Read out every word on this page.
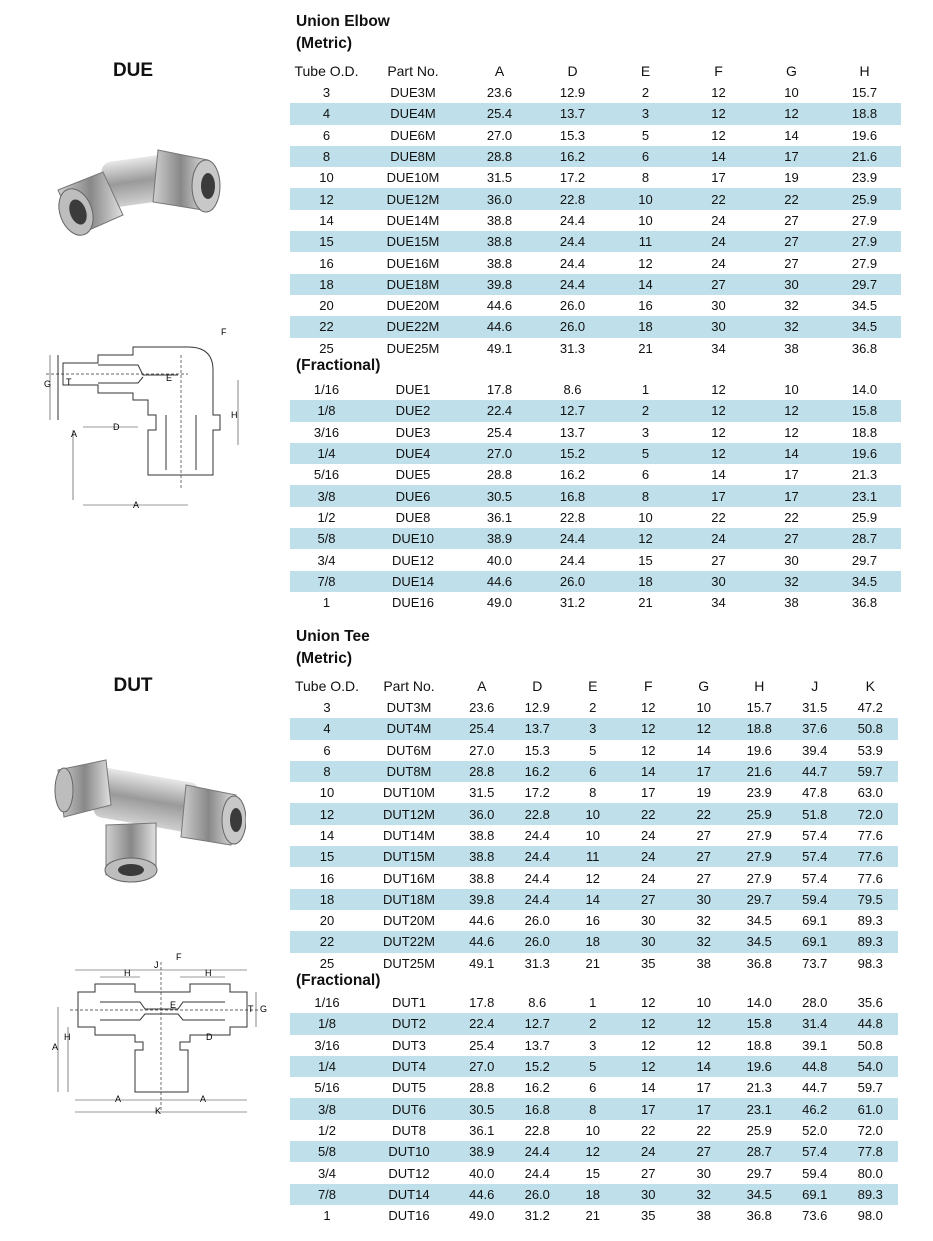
DUE
F
G T	E
H
D
A
A
Union Elbow
(Metric)
Tube O.D.	Part No.	A	D	E	F	G	H
3	DUE3M	23.6	12.9	2	12	10	15.7
4	DUE4M	25.4	13.7	3	12	12	18.8
6	DUE6M	27.0	15.3	5	12	14	19.6
8	DUE8M	28.8	16.2	6	14	17	21.6
10	DUE10M	31.5	17.2	8	17	19	23.9
12	DUE12M	36.0	22.8	10	22	22	25.9
14	DUE14M	38.8	24.4	10	24	27	27.9
15	DUE15M	38.8	24.4	11	24	27	27.9
16	DUE16M	38.8	24.4	12	24	27	27.9
18	DUE18M	39.8	24.4	14	27	30	29.7
20	DUE20M	44.6	26.0	16	30	32	34.5
22	DUE22M	44.6	26.0	18	30	32	34.5
25	DUE25M	49.1	31.3	21	34	38	36.8
(Fractional)
1/16	DUE1	17.8	8.6	1	12	10	14.0
1/8	DUE2	22.4	12.7	2	12	12	15.8
3/16	DUE3	25.4	13.7	3	12	12	18.8
1/4	DUE4	27.0	15.2	5	12	14	19.6
5/16	DUE5	28.8	16.2	6	14	17	21.3
3/8	DUE6	30.5	16.8	8	17	17	23.1
1/2	DUE8	36.1	22.8	10	22	22	25.9
5/8	DUE10	38.9	24.4	12	24	27	28.7
3/4	DUE12	40.0	24.4	15	27	30	29.7
7/8	DUE14	44.6	26.0	18	30	32	34.5
1	DUE16	49.0	31.2	21	34	38	36.8
DUT
F
J
H	H
E	T G
D
H
A
A	A
K
Union Tee
(Metric)
Tube O.D.	Part No.	A	D	E	F	G	H	J	K
3	DUT3M	23.6	12.9	2	12	10	15.7	31.5	47.2
4	DUT4M	25.4	13.7	3	12	12	18.8	37.6	50.8
6	DUT6M	27.0	15.3	5	12	14	19.6	39.4	53.9
8	DUT8M	28.8	16.2	6	14	17	21.6	44.7	59.7
10	DUT10M	31.5	17.2	8	17	19	23.9	47.8	63.0
12	DUT12M	36.0	22.8	10	22	22	25.9	51.8	72.0
14	DUT14M	38.8	24.4	10	24	27	27.9	57.4	77.6
15	DUT15M	38.8	24.4	11	24	27	27.9	57.4	77.6
16	DUT16M	38.8	24.4	12	24	27	27.9	57.4	77.6
18	DUT18M	39.8	24.4	14	27	30	29.7	59.4	79.5
20	DUT20M	44.6	26.0	16	30	32	34.5	69.1	89.3
22	DUT22M	44.6	26.0	18	30	32	34.5	69.1	89.3
25	DUT25M	49.1	31.3	21	35	38	36.8	73.7	98.3
(Fractional)
1/16	DUT1	17.8	8.6	1	12	10	14.0	28.0	35.6
1/8	DUT2	22.4	12.7	2	12	12	15.8	31.4	44.8
3/16	DUT3	25.4	13.7	3	12	12	18.8	39.1	50.8
1/4	DUT4	27.0	15.2	5	12	14	19.6	44.8	54.0
5/16	DUT5	28.8	16.2	6	14	17	21.3	44.7	59.7
3/8	DUT6	30.5	16.8	8	17	17	23.1	46.2	61.0
1/2	DUT8	36.1	22.8	10	22	22	25.9	52.0	72.0
5/8	DUT10	38.9	24.4	12	24	27	28.7	57.4	77.8
3/4	DUT12	40.0	24.4	15	27	30	29.7	59.4	80.0
7/8	DUT14	44.6	26.0	18	30	32	34.5	69.1	89.3
1	DUT16	49.0	31.2	21	35	38	36.8	73.6	98.0
